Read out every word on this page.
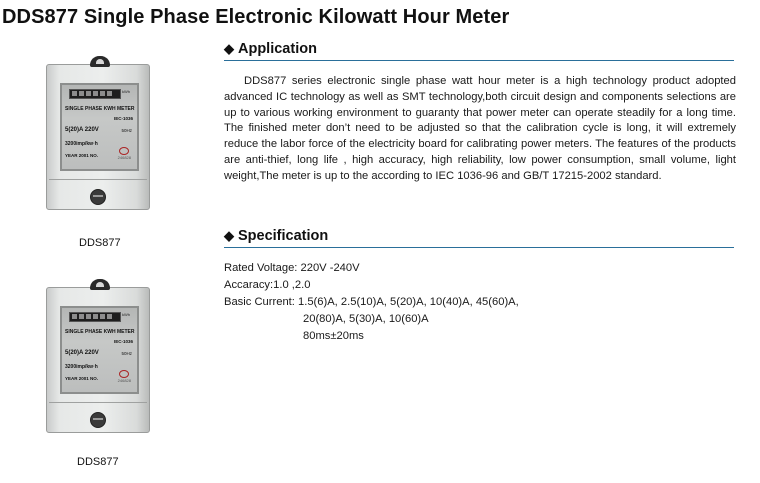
DDS877 Single Phase Electronic Kilowatt Hour Meter
kWh
SINGLE PHASE KWH METER
IEC-1036
5(20)A 220V	50Hz
3200imp/kw·h
YEAR 2001 NO.	246828
DDS877
kWh
SINGLE PHASE KWH METER
IEC-1036
5(20)A 220V	50Hz
3200imp/kw·h
YEAR 2001 NO.	246828
DDS877
◆ Application

DDS877 series electronic single phase watt hour meter is a high technology product adopted advanced IC technology as well as SMT technology,both circuit design and components selections are up to various working environment to guaranty that power meter can operate steadily for a long time. The finished meter don’t need to be adjusted so that the calibration cycle is long, it will extremely reduce the labor force of the electricity board for calibrating power meters. The features of the products are anti-thief, long life , high accuracy, high reliability, low power consumption, small volume, light weight,The meter is up to the according to IEC 1036-96 and GB/T 17215-2002 standard.

◆ Specification
Rated Voltage: 220V -240V
Accaracy:1.0 ,2.0
Basic Current: 1.5(6)A, 2.5(10)A, 5(20)A, 10(40)A, 45(60)A,
20(80)A, 5(30)A, 10(60)A
80ms±20ms
